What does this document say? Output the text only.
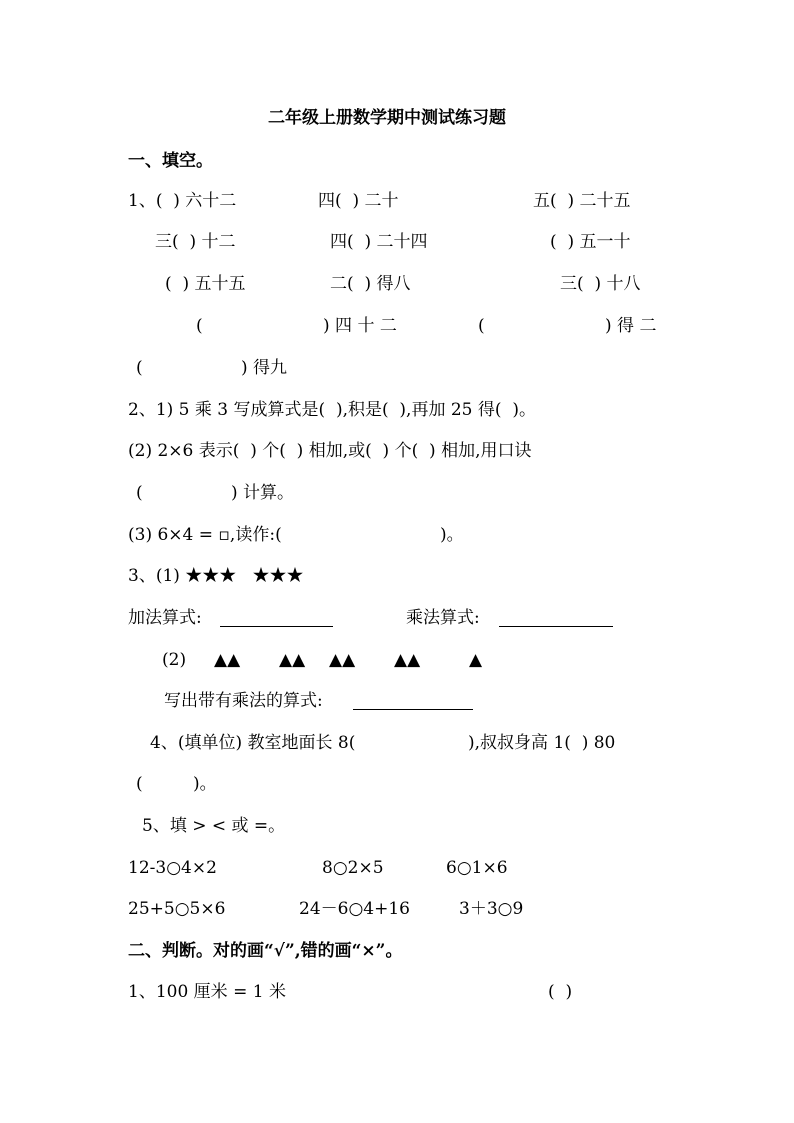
二年级上册数学期中测试练习题
一、填空。
1、(  ) 六十二	四(  ) 二十	五(  ) 二十五
三(  ) 十二	四(  ) 二十四	(  ) 五一十
(  ) 五十五	二(  ) 得八	三(  ) 十八
(	) 四 十 二	(	) 得 二
(	) 得九
2、1) 5 乘 3 写成算式是(  ),积是(  ),再加 25 得(  )。
(2) 2×6 表示(  ) 个(  ) 相加,或(  ) 个(  ) 相加,用口诀
(	) 计算。
(3) 6×4 = ▫,读作:(	)。
3、(1) ★★★   ★★★
加法算式:	乘法算式:
(2) ▲▲ ▲▲ ▲▲ ▲▲	▲
写出带有乘法的算式:
4、(填单位) 教室地面长 8(	),叔叔身高 1(  ) 80
(	)。
5、填 > < 或 =。
12-3○4×2	8○2×5	6○1×6
25+5○5×6	24－6○4+16	3＋3○9
二、判断。对的画“√”,错的画“×”。
1、100 厘米 = 1 米	(  )
